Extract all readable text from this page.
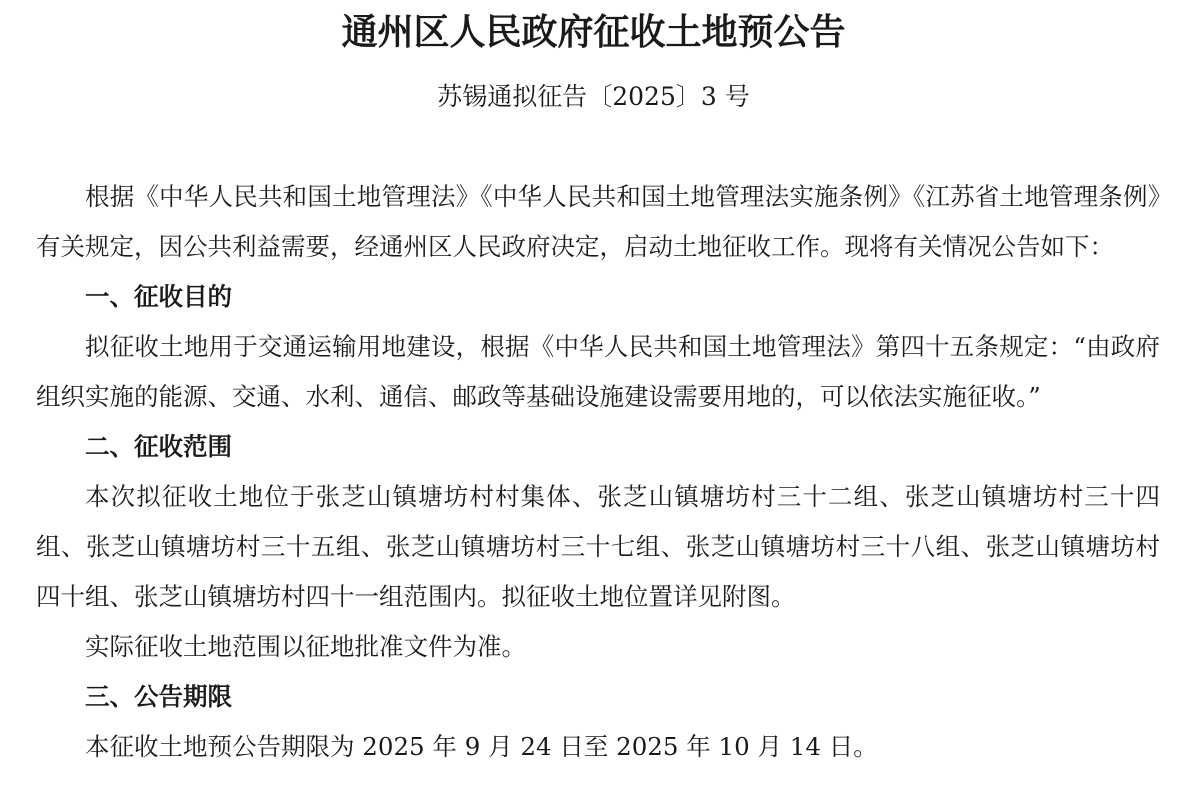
通州区人民政府征收土地预公告
苏锡通拟征告〔2025〕3 号

根据《中华人民共和国土地管理法》《中华人民共和国土地管理法实施条例》《江苏省土地管理条例》有关规定，因公共利益需要，经通州区人民政府决定，启动土地征收工作。现将有关情况公告如下：

一、征收目的

拟征收土地用于交通运输用地建设，根据《中华人民共和国土地管理法》第四十五条规定：“由政府组织实施的能源、交通、水利、通信、邮政等基础设施建设需要用地的，可以依法实施征收。”

二、征收范围

本次拟征收土地位于张芝山镇塘坊村村集体、张芝山镇塘坊村三十二组、张芝山镇塘坊村三十四组、张芝山镇塘坊村三十五组、张芝山镇塘坊村三十七组、张芝山镇塘坊村三十八组、张芝山镇塘坊村四十组、张芝山镇塘坊村四十一组范围内。拟征收土地位置详见附图。

实际征收土地范围以征地批准文件为准。

三、公告期限

本征收土地预公告期限为 2025 年 9 月 24 日至 2025 年 10 月 14 日。
